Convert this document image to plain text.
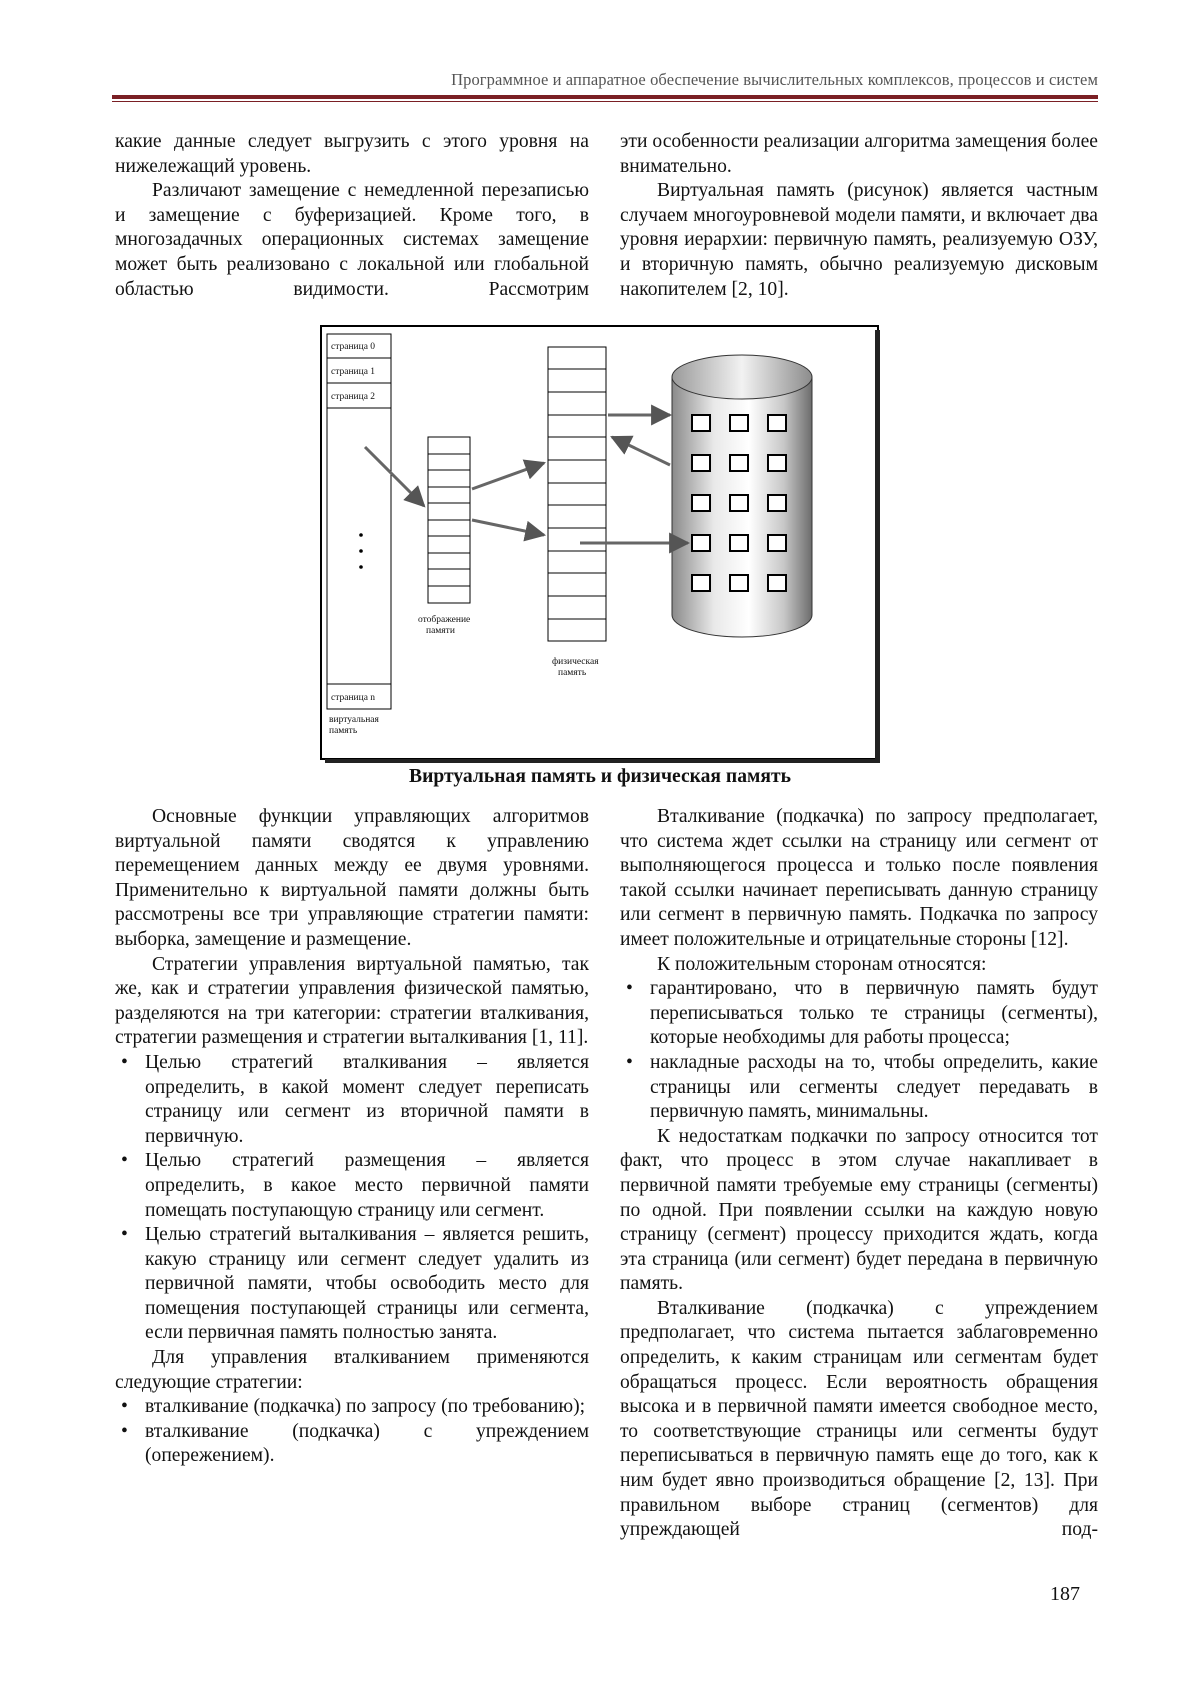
Программное и аппаратное обеспечение вычислительных комплексов, процессов и систем

какие данные следует выгрузить с этого уровня на нижележащий уровень.

Различают замещение с немедленной перезаписью и замещение с буферизацией. Кроме того, в многозадачных операционных системах замещение может быть реализовано с локальной или глобальной областью видимости. Рассмотрим

эти особенности реализации алгоритма замещения более внимательно.

Виртуальная память (рисунок) является частным случаем многоуровневой модели памяти, и включает два уровня иерархии: первичную память, реализуемую ОЗУ, и вторичную память, обычно реализуемую дисковым накопителем [2, 10].

страница 0
страница 1
страница 2
страница n
виртуальная
память
отображение
памяти
физическая
память
Виртуальная память и физическая память

Основные функции управляющих алгоритмов виртуальной памяти сводятся к управлению перемещением данных между ее двумя уровнями. Применительно к виртуальной памяти должны быть рассмотрены все три управляющие стратегии памяти: выборка, замещение и размещение.

Стратегии управления виртуальной памятью, так же, как и стратегии управления физической памятью, разделяются на три категории: стратегии вталкивания, стратегии размещения и стратегии выталкивания [1, 11].

• Целью стратегий вталкивания – является определить, в какой момент следует переписать страницу или сегмент из вторичной памяти в первичную.
• Целью стратегий размещения – является определить, в какое место первичной памяти помещать поступающую страницу или сегмент.
• Целью стратегий выталкивания – является решить, какую страницу или сегмент следует удалить из первичной памяти, чтобы освободить место для помещения поступающей страницы или сегмента, если первичная память полностью занята.

Для управления вталкиванием применяются следующие стратегии:

• вталкивание (подкачка) по запросу (по требованию);
• вталкивание (подкачка) с упреждением (опережением).

Вталкивание (подкачка) по запросу предполагает, что система ждет ссылки на страницу или сегмент от выполняющегося процесса и только после появления такой ссылки начинает переписывать данную страницу или сегмент в первичную память. Подкачка по запросу имеет положительные и отрицательные стороны [12].

К положительным сторонам относятся:

• гарантировано, что в первичную память будут переписываться только те страницы (сегменты), которые необходимы для работы процесса;
• накладные расходы на то, чтобы определить, какие страницы или сегменты следует передавать в первичную память, минимальны.

К недостаткам подкачки по запросу относится тот факт, что процесс в этом случае накапливает в первичной памяти требуемые ему страницы (сегменты) по одной. При появлении ссылки на каждую новую страницу (сегмент) процессу приходится ждать, когда эта страница (или сегмент) будет передана в первичную память.

Вталкивание (подкачка) с упреждением предполагает, что система пытается заблаговременно определить, к каким страницам или сегментам будет обращаться процесс. Если вероятность обращения высока и в первичной памяти имеется свободное место, то соответствующие страницы или сегменты будут переписываться в первичную память еще до того, как к ним будет явно производиться обращение [2, 13]. При правильном выборе страниц (сегментов) для упреждающей под-

187
